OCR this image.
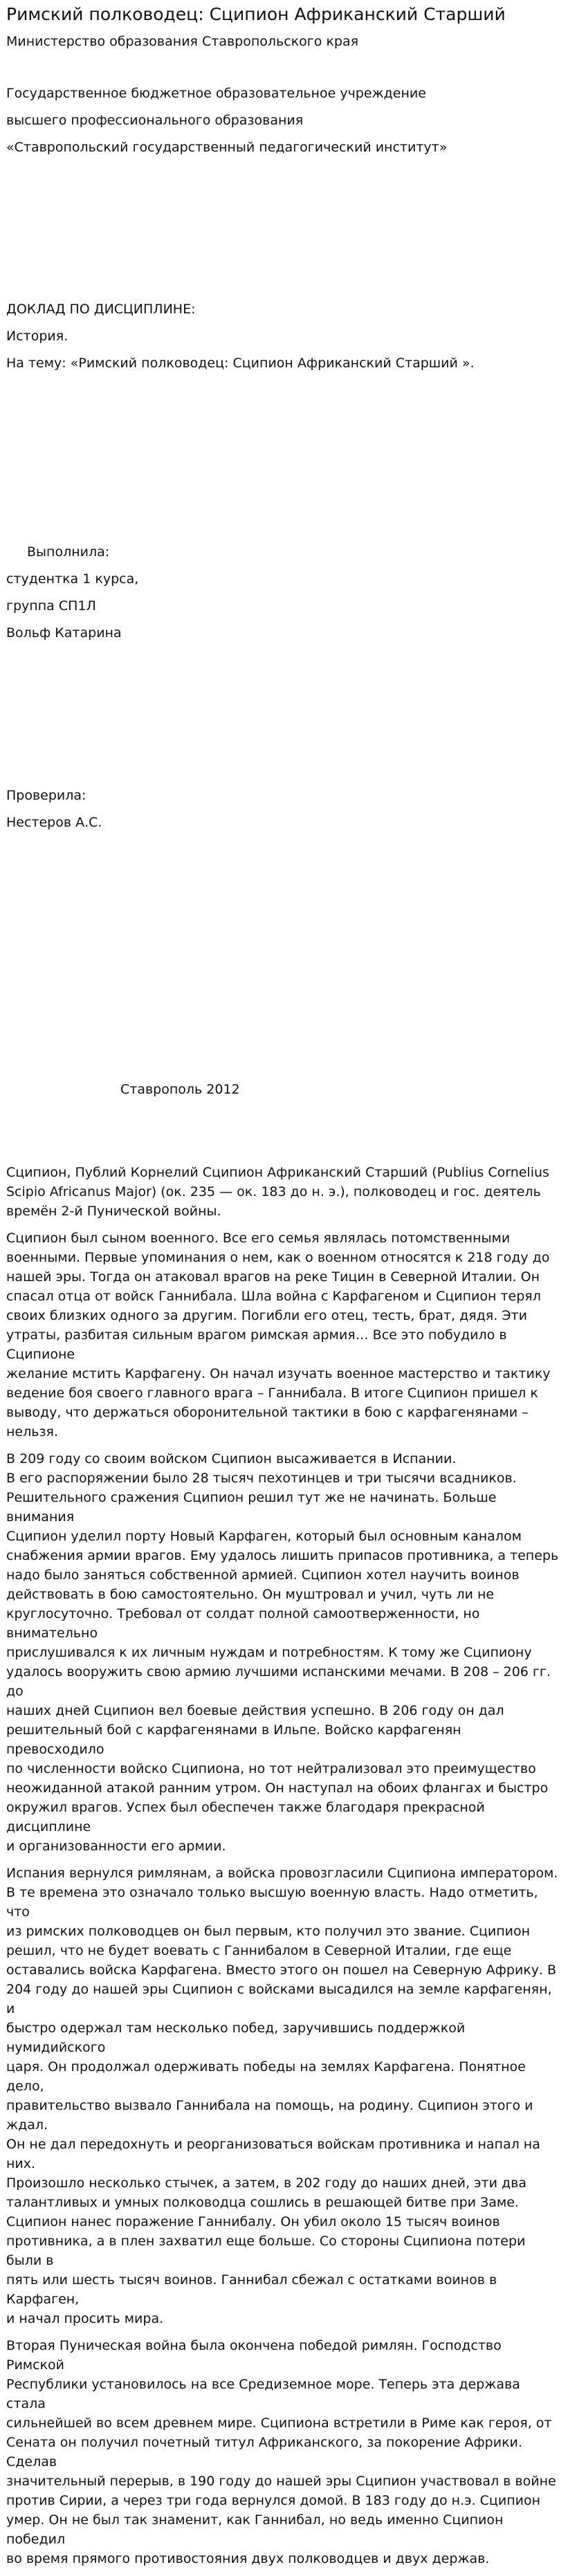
Римский полководец: Сципион Африканский Старший
Министерство образования Ставропольского края
Государственное бюджетное образовательное учреждение
высшего профессионального образования
«Ставропольский государственный педагогический институт»
ДОКЛАД ПО ДИСЦИПЛИНЕ:
История.
На тему: «Римский полководец: Сципион Африканский Старший ».
Выполнила:
студентка 1 курса,
группа СП1Л
Вольф Катарина
Проверила:
Нестеров А.С.
Ставрополь 2012

Сципион, Публий Корнелий Сципион Африканский Старший (Publius Cornelius
Scipio Africanus Major) (ок. 235 — ок. 183 до н. э.), полководец и гос. деятель
времён 2-й Пунической войны.

Сципион был сыном военного. Все его семья являлась потомственными
военными. Первые упоминания о нем, как о военном относятся к 218 году до
нашей эры. Тогда он атаковал врагов на реке Тицин в Северной Италии. Он
спасал отца от войск Ганнибала. Шла война с Карфагеном и Сципион терял
своих близких одного за другим. Погибли его отец, тесть, брат, дядя. Эти
утраты, разбитая сильным врагом римская армия… Все это побудило в Сципионе
желание мстить Карфагену. Он начал изучать военное мастерство и тактику
ведение боя своего главного врага – Ганнибала. В итоге Сципион пришел к
выводу, что держаться оборонительной тактики в бою с карфагенянами –
нельзя.

В 209 году со своим войском Сципион высаживается в Испании.
В его распоряжении было 28 тысяч пехотинцев и три тысячи всадников.
Решительного сражения Сципион решил тут же не начинать. Больше внимания
Сципион уделил порту Новый Карфаген, который был основным каналом
снабжения армии врагов. Ему удалось лишить припасов противника, а теперь
надо было заняться собственной армией. Сципион хотел научить воинов
действовать в бою самостоятельно. Он муштровал и учил, чуть ли не
круглосуточно. Требовал от солдат полной самоотверженности, но внимательно
прислушивался к их личным нуждам и потребностям. К тому же Сципиону
удалось вооружить свою армию лучшими испанскими мечами. В 208 – 206 гг. до
наших дней Сципион вел боевые действия успешно. В 206 году он дал
решительный бой с карфагенянами в Ильпе. Войско карфагенян превосходило
по численности войско Сципиона, но тот нейтрализовал это преимущество
неожиданной атакой ранним утром. Он наступал на обоих флангах и быстро
окружил врагов. Успех был обеспечен также благодаря прекрасной дисциплине
и организованности его армии.

Испания вернулся римлянам, а войска провозгласили Сципиона императором.
В те времена это означало только высшую военную власть. Надо отметить, что
из римских полководцев он был первым, кто получил это звание. Сципион
решил, что не будет воевать с Ганнибалом в Северной Италии, где еще
оставались войска Карфагена. Вместо этого он пошел на Северную Африку. В
204 году до нашей эры Сципион с войсками высадился на земле карфагенян, и
быстро одержал там несколько побед, заручившись поддержкой нумидийского
царя. Он продолжал одерживать победы на землях Карфагена. Понятное дело,
правительство вызвало Ганнибала на помощь, на родину. Сципион этого и ждал.
Он не дал передохнуть и реорганизоваться войскам противника и напал на них.
Произошло несколько стычек, а затем, в 202 году до наших дней, эти два
талантливых и умных полководца сошлись в решающей битве при Заме.
Сципион нанес поражение Ганнибалу. Он убил около 15 тысяч воинов
противника, а в плен захватил еще больше. Со стороны Сципиона потери были в
пять или шесть тысяч воинов. Ганнибал сбежал с остатками воинов в Карфаген,
и начал просить мира.

Вторая Пуническая война была окончена победой римлян. Господство Римской
Республики установилось на все Средиземное море. Теперь эта держава стала
сильнейшей во всем древнем мире. Сципиона встретили в Риме как героя, от
Сената он получил почетный титул Африканского, за покорение Африки. Сделав
значительный перерыв, в 190 году до нашей эры Сципион участвовал в войне
против Сирии, а через три года вернулся домой. В 183 году до н.э. Сципион
умер. Он не был так знаменит, как Ганнибал, но ведь именно Сципион победил
во время прямого противостояния двух полководцев и двух держав.
